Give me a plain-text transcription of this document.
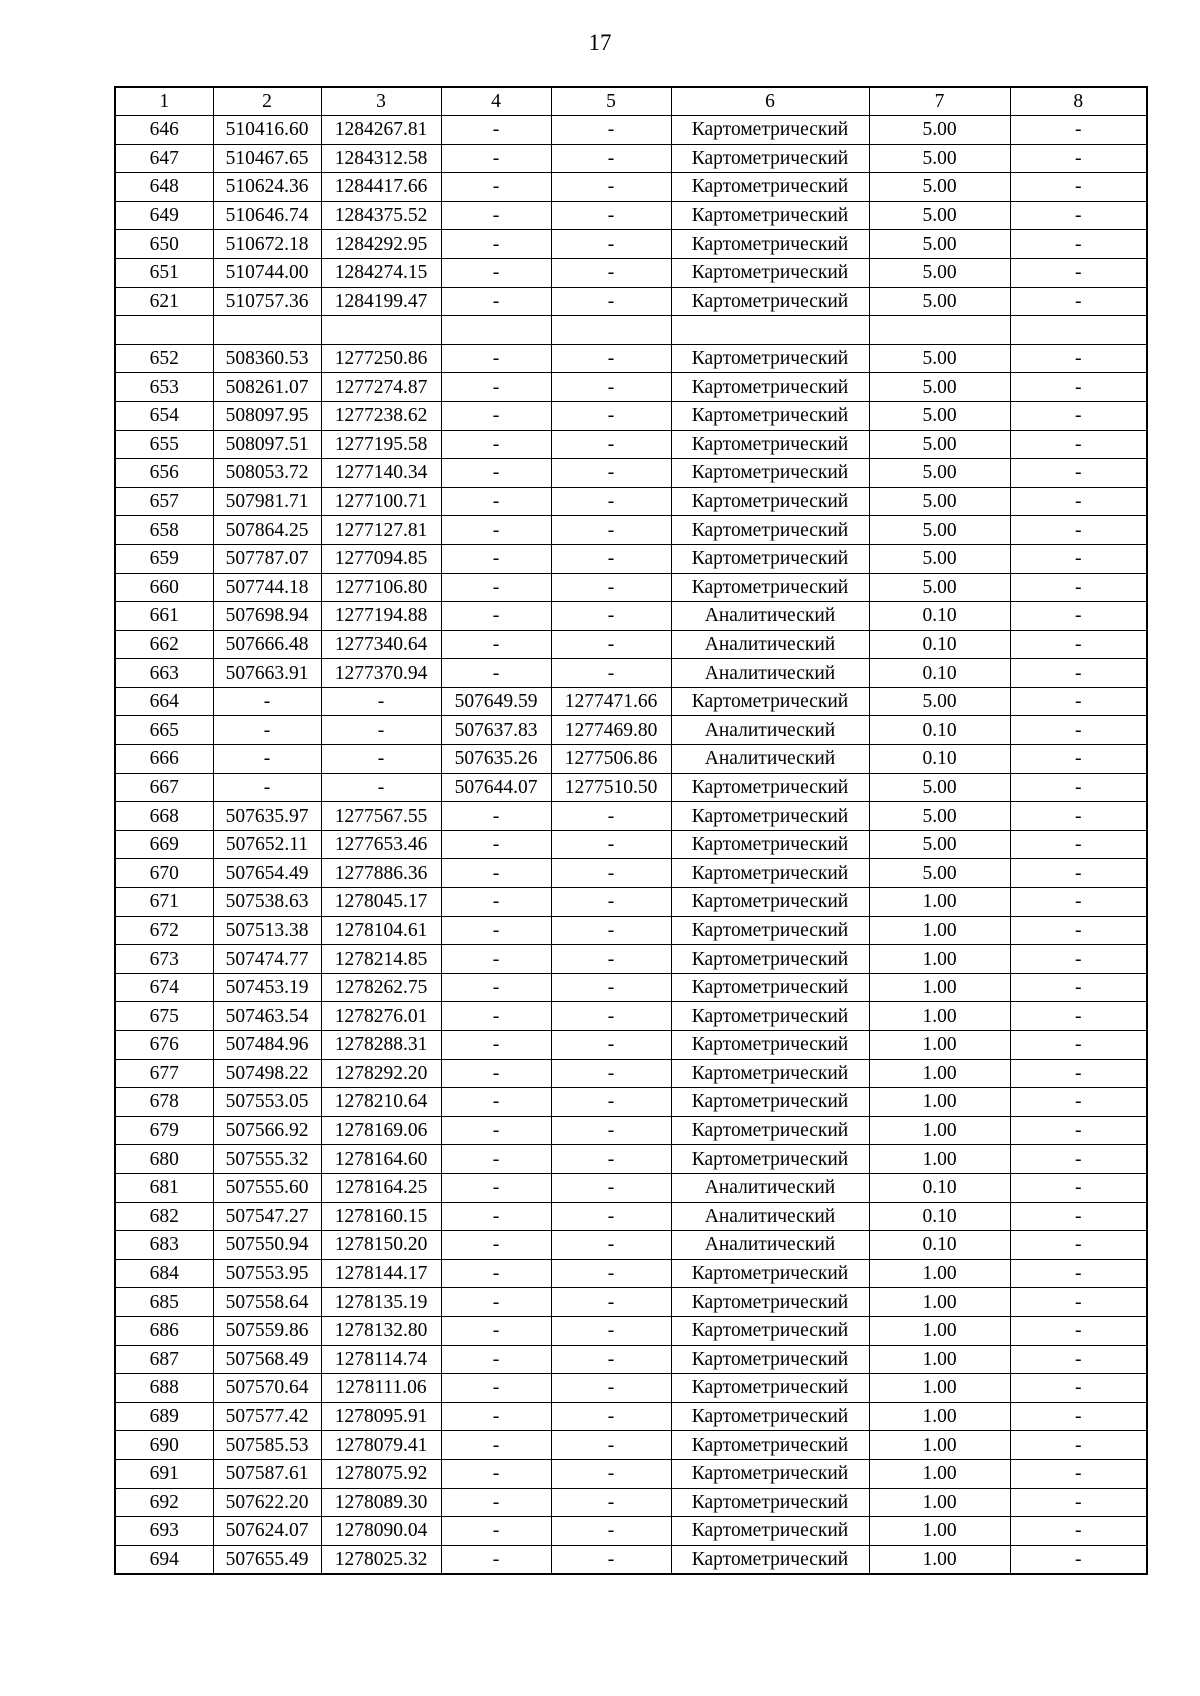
17
1	2	3	4	5	6	7	8
646	510416.60	1284267.81	-	-	Картометрический	5.00	-
647	510467.65	1284312.58	-	-	Картометрический	5.00	-
648	510624.36	1284417.66	-	-	Картометрический	5.00	-
649	510646.74	1284375.52	-	-	Картометрический	5.00	-
650	510672.18	1284292.95	-	-	Картометрический	5.00	-
651	510744.00	1284274.15	-	-	Картометрический	5.00	-
621	510757.36	1284199.47	-	-	Картометрический	5.00	-

652	508360.53	1277250.86	-	-	Картометрический	5.00	-
653	508261.07	1277274.87	-	-	Картометрический	5.00	-
654	508097.95	1277238.62	-	-	Картометрический	5.00	-
655	508097.51	1277195.58	-	-	Картометрический	5.00	-
656	508053.72	1277140.34	-	-	Картометрический	5.00	-
657	507981.71	1277100.71	-	-	Картометрический	5.00	-
658	507864.25	1277127.81	-	-	Картометрический	5.00	-
659	507787.07	1277094.85	-	-	Картометрический	5.00	-
660	507744.18	1277106.80	-	-	Картометрический	5.00	-
661	507698.94	1277194.88	-	-	Аналитический	0.10	-
662	507666.48	1277340.64	-	-	Аналитический	0.10	-
663	507663.91	1277370.94	-	-	Аналитический	0.10	-
664	-	-	507649.59	1277471.66	Картометрический	5.00	-
665	-	-	507637.83	1277469.80	Аналитический	0.10	-
666	-	-	507635.26	1277506.86	Аналитический	0.10	-
667	-	-	507644.07	1277510.50	Картометрический	5.00	-
668	507635.97	1277567.55	-	-	Картометрический	5.00	-
669	507652.11	1277653.46	-	-	Картометрический	5.00	-
670	507654.49	1277886.36	-	-	Картометрический	5.00	-
671	507538.63	1278045.17	-	-	Картометрический	1.00	-
672	507513.38	1278104.61	-	-	Картометрический	1.00	-
673	507474.77	1278214.85	-	-	Картометрический	1.00	-
674	507453.19	1278262.75	-	-	Картометрический	1.00	-
675	507463.54	1278276.01	-	-	Картометрический	1.00	-
676	507484.96	1278288.31	-	-	Картометрический	1.00	-
677	507498.22	1278292.20	-	-	Картометрический	1.00	-
678	507553.05	1278210.64	-	-	Картометрический	1.00	-
679	507566.92	1278169.06	-	-	Картометрический	1.00	-
680	507555.32	1278164.60	-	-	Картометрический	1.00	-
681	507555.60	1278164.25	-	-	Аналитический	0.10	-
682	507547.27	1278160.15	-	-	Аналитический	0.10	-
683	507550.94	1278150.20	-	-	Аналитический	0.10	-
684	507553.95	1278144.17	-	-	Картометрический	1.00	-
685	507558.64	1278135.19	-	-	Картометрический	1.00	-
686	507559.86	1278132.80	-	-	Картометрический	1.00	-
687	507568.49	1278114.74	-	-	Картометрический	1.00	-
688	507570.64	1278111.06	-	-	Картометрический	1.00	-
689	507577.42	1278095.91	-	-	Картометрический	1.00	-
690	507585.53	1278079.41	-	-	Картометрический	1.00	-
691	507587.61	1278075.92	-	-	Картометрический	1.00	-
692	507622.20	1278089.30	-	-	Картометрический	1.00	-
693	507624.07	1278090.04	-	-	Картометрический	1.00	-
694	507655.49	1278025.32	-	-	Картометрический	1.00	-
